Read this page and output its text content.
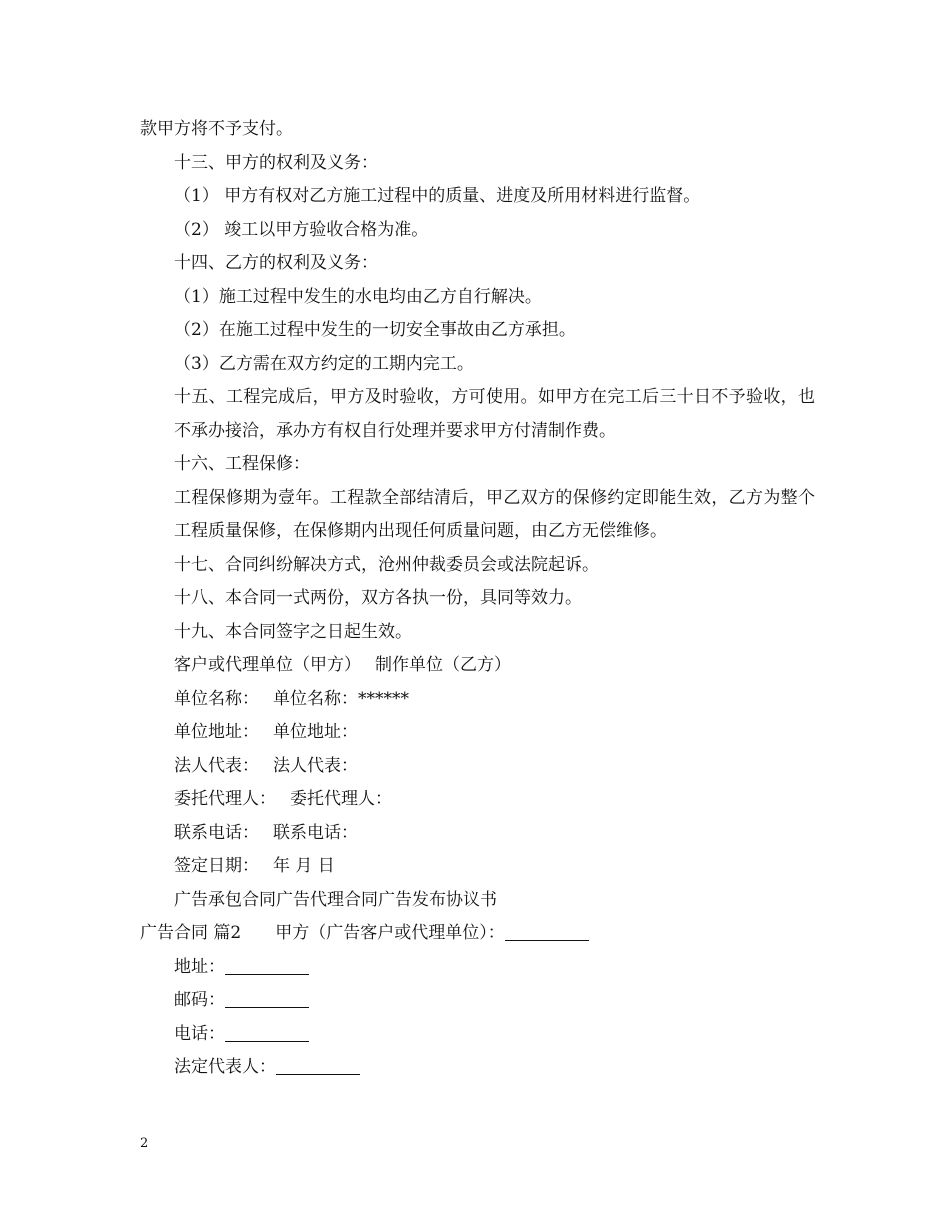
款甲方将不予支付。
十三、甲方的权利及义务：
（1） 甲方有权对乙方施工过程中的质量、进度及所用材料进行监督。
（2） 竣工以甲方验收合格为准。
十四、乙方的权利及义务：
（1）施工过程中发生的水电均由乙方自行解决。
（2）在施工过程中发生的一切安全事故由乙方承担。
（3）乙方需在双方约定的工期内完工。
十五、工程完成后，甲方及时验收，方可使用。如甲方在完工后三十日不予验收，也不承办接洽，承办方有权自行处理并要求甲方付清制作费。
十六、工程保修：
工程保修期为壹年。工程款全部结清后，甲乙双方的保修约定即能生效，乙方为整个工程质量保修，在保修期内出现任何质量问题，由乙方无偿维修。
十七、合同纠纷解决方式，沧州仲裁委员会或法院起诉。
十八、本合同一式两份，双方各执一份，具同等效力。
十九、本合同签字之日起生效。
客户或代理单位（甲方） 制作单位（乙方）
单位名称： 单位名称：******
单位地址： 单位地址：
法人代表： 法人代表：
委托代理人： 委托代理人：
联系电话： 联系电话：
签定日期： 年 月 日
广告承包合同广告代理合同广告发布协议书
广告合同 篇2 甲方（广告客户或代理单位）：
地址：
邮码：
电话：
法定代表人：
2
